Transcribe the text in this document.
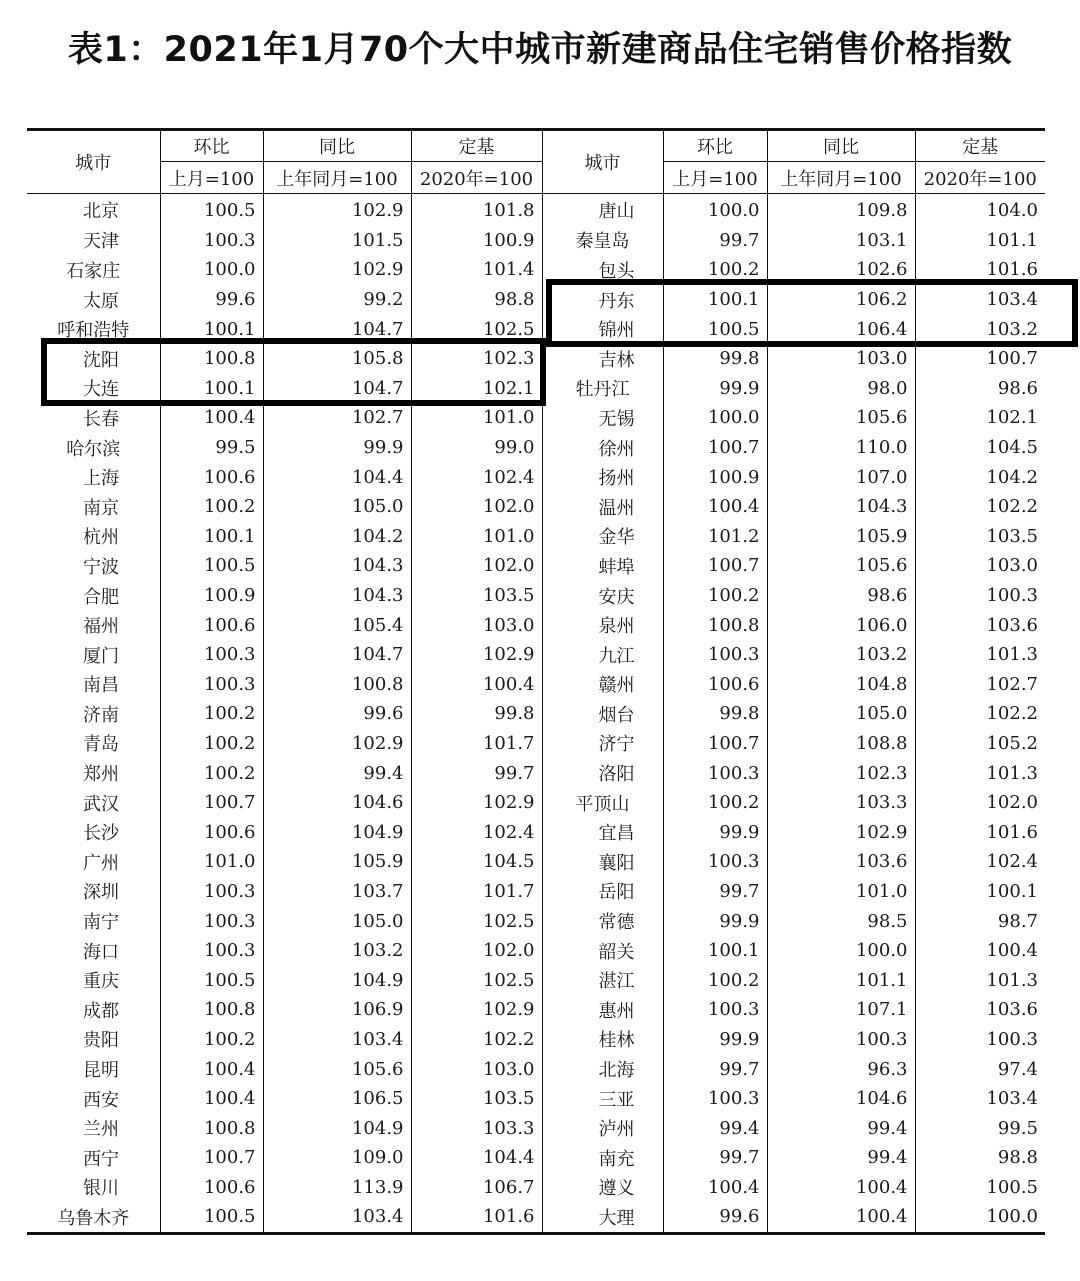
表1：2021年1月70个大中城市新建商品住宅销售价格指数
城市	环比	同比	定基	城市	环比	同比	定基
	上月=100	上年同月=100	2020年=100		上月=100	上年同月=100	2020年=100

北 京	100.5	102.9	101.8	唐 山	100.0	109.8	104.0

天 津	100.3	101.5	100.9	秦皇岛	99.7	103.1	101.1
石家庄	100.0	102.9	101.4	包 头	100.2	102.6	101.6

太 原	99.6	99.2	98.8	丹 东	100.1	106.2	103.4
呼和浩特	100.1	104.7	102.5	锦 州	100.5	106.4	103.2

沈 阳	100.8	105.8	102.3	吉 林	99.8	103.0	100.7

大 连	100.1	104.7	102.1	牡丹江	99.9	98.0	98.6

长 春	100.4	102.7	101.0	无 锡	100.0	105.6	102.1
哈尔滨	99.5	99.9	99.0	徐 州	100.7	110.0	104.5

上 海	100.6	104.4	102.4	扬 州	100.9	107.0	104.2

南 京	100.2	105.0	102.0	温 州	100.4	104.3	102.2

杭 州	100.1	104.2	101.0	金 华	101.2	105.9	103.5

宁 波	100.5	104.3	102.0	蚌 埠	100.7	105.6	103.0

合 肥	100.9	104.3	103.5	安 庆	100.2	98.6	100.3

福 州	100.6	105.4	103.0	泉 州	100.8	106.0	103.6

厦 门	100.3	104.7	102.9	九 江	100.3	103.2	101.3

南 昌	100.3	100.8	100.4	赣 州	100.6	104.8	102.7

济 南	100.2	99.6	99.8	烟 台	99.8	105.0	102.2

青 岛	100.2	102.9	101.7	济 宁	100.7	108.8	105.2

郑 州	100.2	99.4	99.7	洛 阳	100.3	102.3	101.3

武 汉	100.7	104.6	102.9	平顶山	100.2	103.3	102.0

长 沙	100.6	104.9	102.4	宜 昌	99.9	102.9	101.6

广 州	101.0	105.9	104.5	襄 阳	100.3	103.6	102.4

深 圳	100.3	103.7	101.7	岳 阳	99.7	101.0	100.1

南 宁	100.3	105.0	102.5	常 德	99.9	98.5	98.7

海 口	100.3	103.2	102.0	韶 关	100.1	100.0	100.4

重 庆	100.5	104.9	102.5	湛 江	100.2	101.1	101.3

成 都	100.8	106.9	102.9	惠 州	100.3	107.1	103.6

贵 阳	100.2	103.4	102.2	桂 林	99.9	100.3	100.3

昆 明	100.4	105.6	103.0	北 海	99.7	96.3	97.4

西 安	100.4	106.5	103.5	三 亚	100.3	104.6	103.4

兰 州	100.8	104.9	103.3	泸 州	99.4	99.4	99.5

西 宁	100.7	109.0	104.4	南 充	99.7	99.4	98.8

银 川	100.6	113.9	106.7	遵 义	100.4	100.4	100.5
乌鲁木齐	100.5	103.4	101.6	大 理	99.6	100.4	100.0
